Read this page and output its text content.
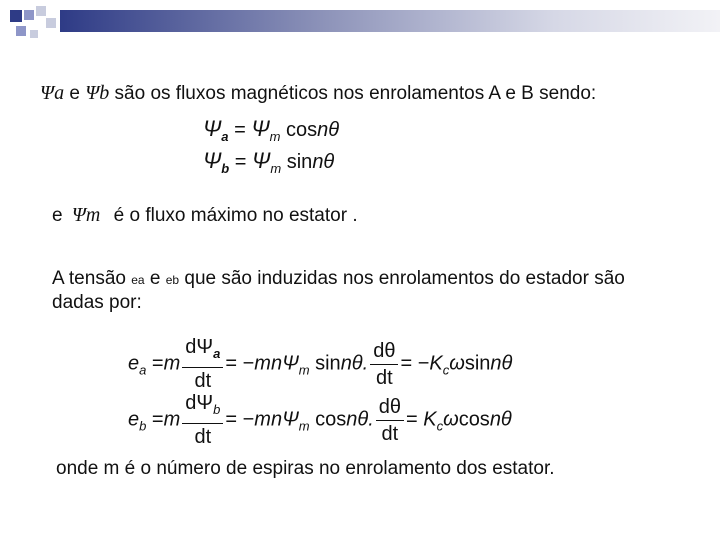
Ψa e Ψb são os fluxos magnéticos nos enrolamentos A e B sendo:
$\Psi_a = \Psi_m$ cosnθ
$\Psi_b = \Psi_m$ sinnθ
e Ψm é o fluxo máximo no estator .
A tensão ea e eb que são induzidas nos enrolamentos do estador são
dadas por:
$e_a =m \frac{d\Psi_a}{dt} = -mn\Psi_m$ sinnθ. $\frac{d\theta}{dt} = -K_c\omega\sin n\theta$
$e_b =m \frac{d\Psi_b}{dt} = -mn\Psi_m$ cosnθ. $\frac{d\theta}{dt} = K_c\omega\cos n\theta$
onde m é o número de espiras no enrolamento dos estator.
